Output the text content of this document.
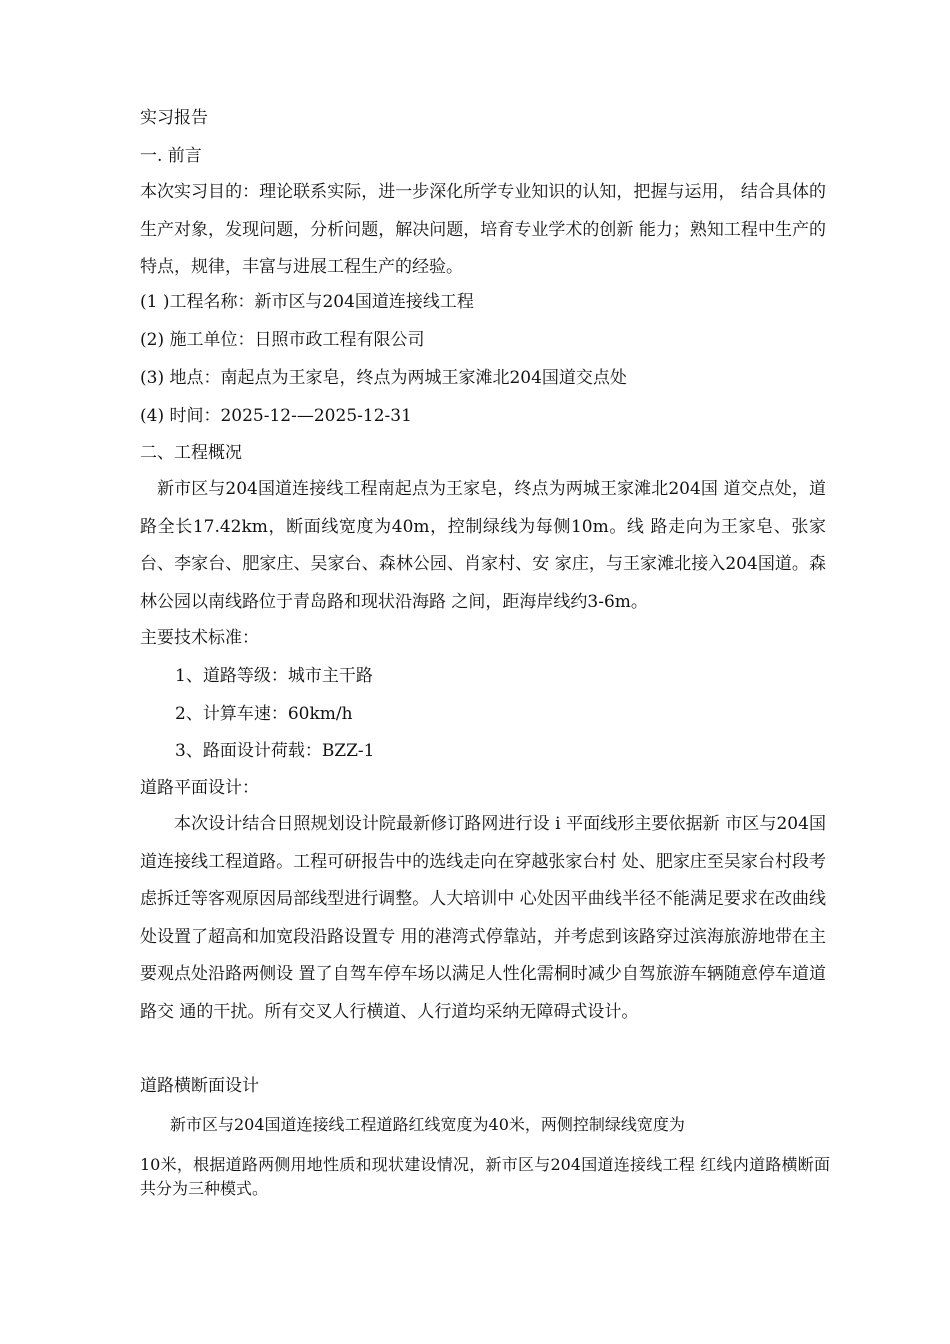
实习报告
一. 前言
本次实习目的：理论联系实际，进一步深化所学专业知识的认知，把握与运用， 结合具体的生产对象，发现问题，分析问题，解决问题，培育专业学术的创新 能力；熟知工程中生产的特点，规律，丰富与进展工程生产的经验。
(1 )工程名称：新市区与204国道连接线工程
(2) 施工单位：日照市政工程有限公司
(3) 地点：南起点为王家皂，终点为两城王家滩北204国道交点处
(4) 时间：2025-12-—2025-12-31
二、工程概况
新市区与204国道连接线工程南起点为王家皂，终点为两城王家滩北204国 道交点处，道路全长17.42km，断面线宽度为40m，控制绿线为每侧10m。线 路走向为王家皂、张家台、李家台、肥家庄、吴家台、森林公园、肖家村、安 家庄，与王家滩北接入204国道。森林公园以南线路位于青岛路和现状沿海路 之间，距海岸线约3-6m。
主要技术标准：
1、道路等级：城市主干路
2、计算车速：60km/h
3、路面设计荷载：BZZ-1
道路平面设计：
本次设计结合日照规划设计院最新修订路网进行设 i 平面线形主要依据新 市区与204国道连接线工程道路。工程可研报告中的选线走向在穿越张家台村 处、肥家庄至吴家台村段考虑拆迁等客观原因局部线型进行调整。人大培训中 心处因平曲线半径不能满足要求在改曲线处设置了超高和加宽段沿路设置专 用的港湾式停靠站，并考虑到该路穿过滨海旅游地带在主要观点处沿路两侧设 置了自驾车停车场以满足人性化需桐时减少自驾旅游车辆随意停车道道路交 通的干扰。所有交叉人行横道、人行道均采纳无障碍式设计。
道路横断面设计
新市区与204国道连接线工程道路红线宽度为40米，两侧控制绿线宽度为
10米，根据道路两侧用地性质和现状建设情况，新市区与204国道连接线工程 红线内道路横断面共分为三种模式。
